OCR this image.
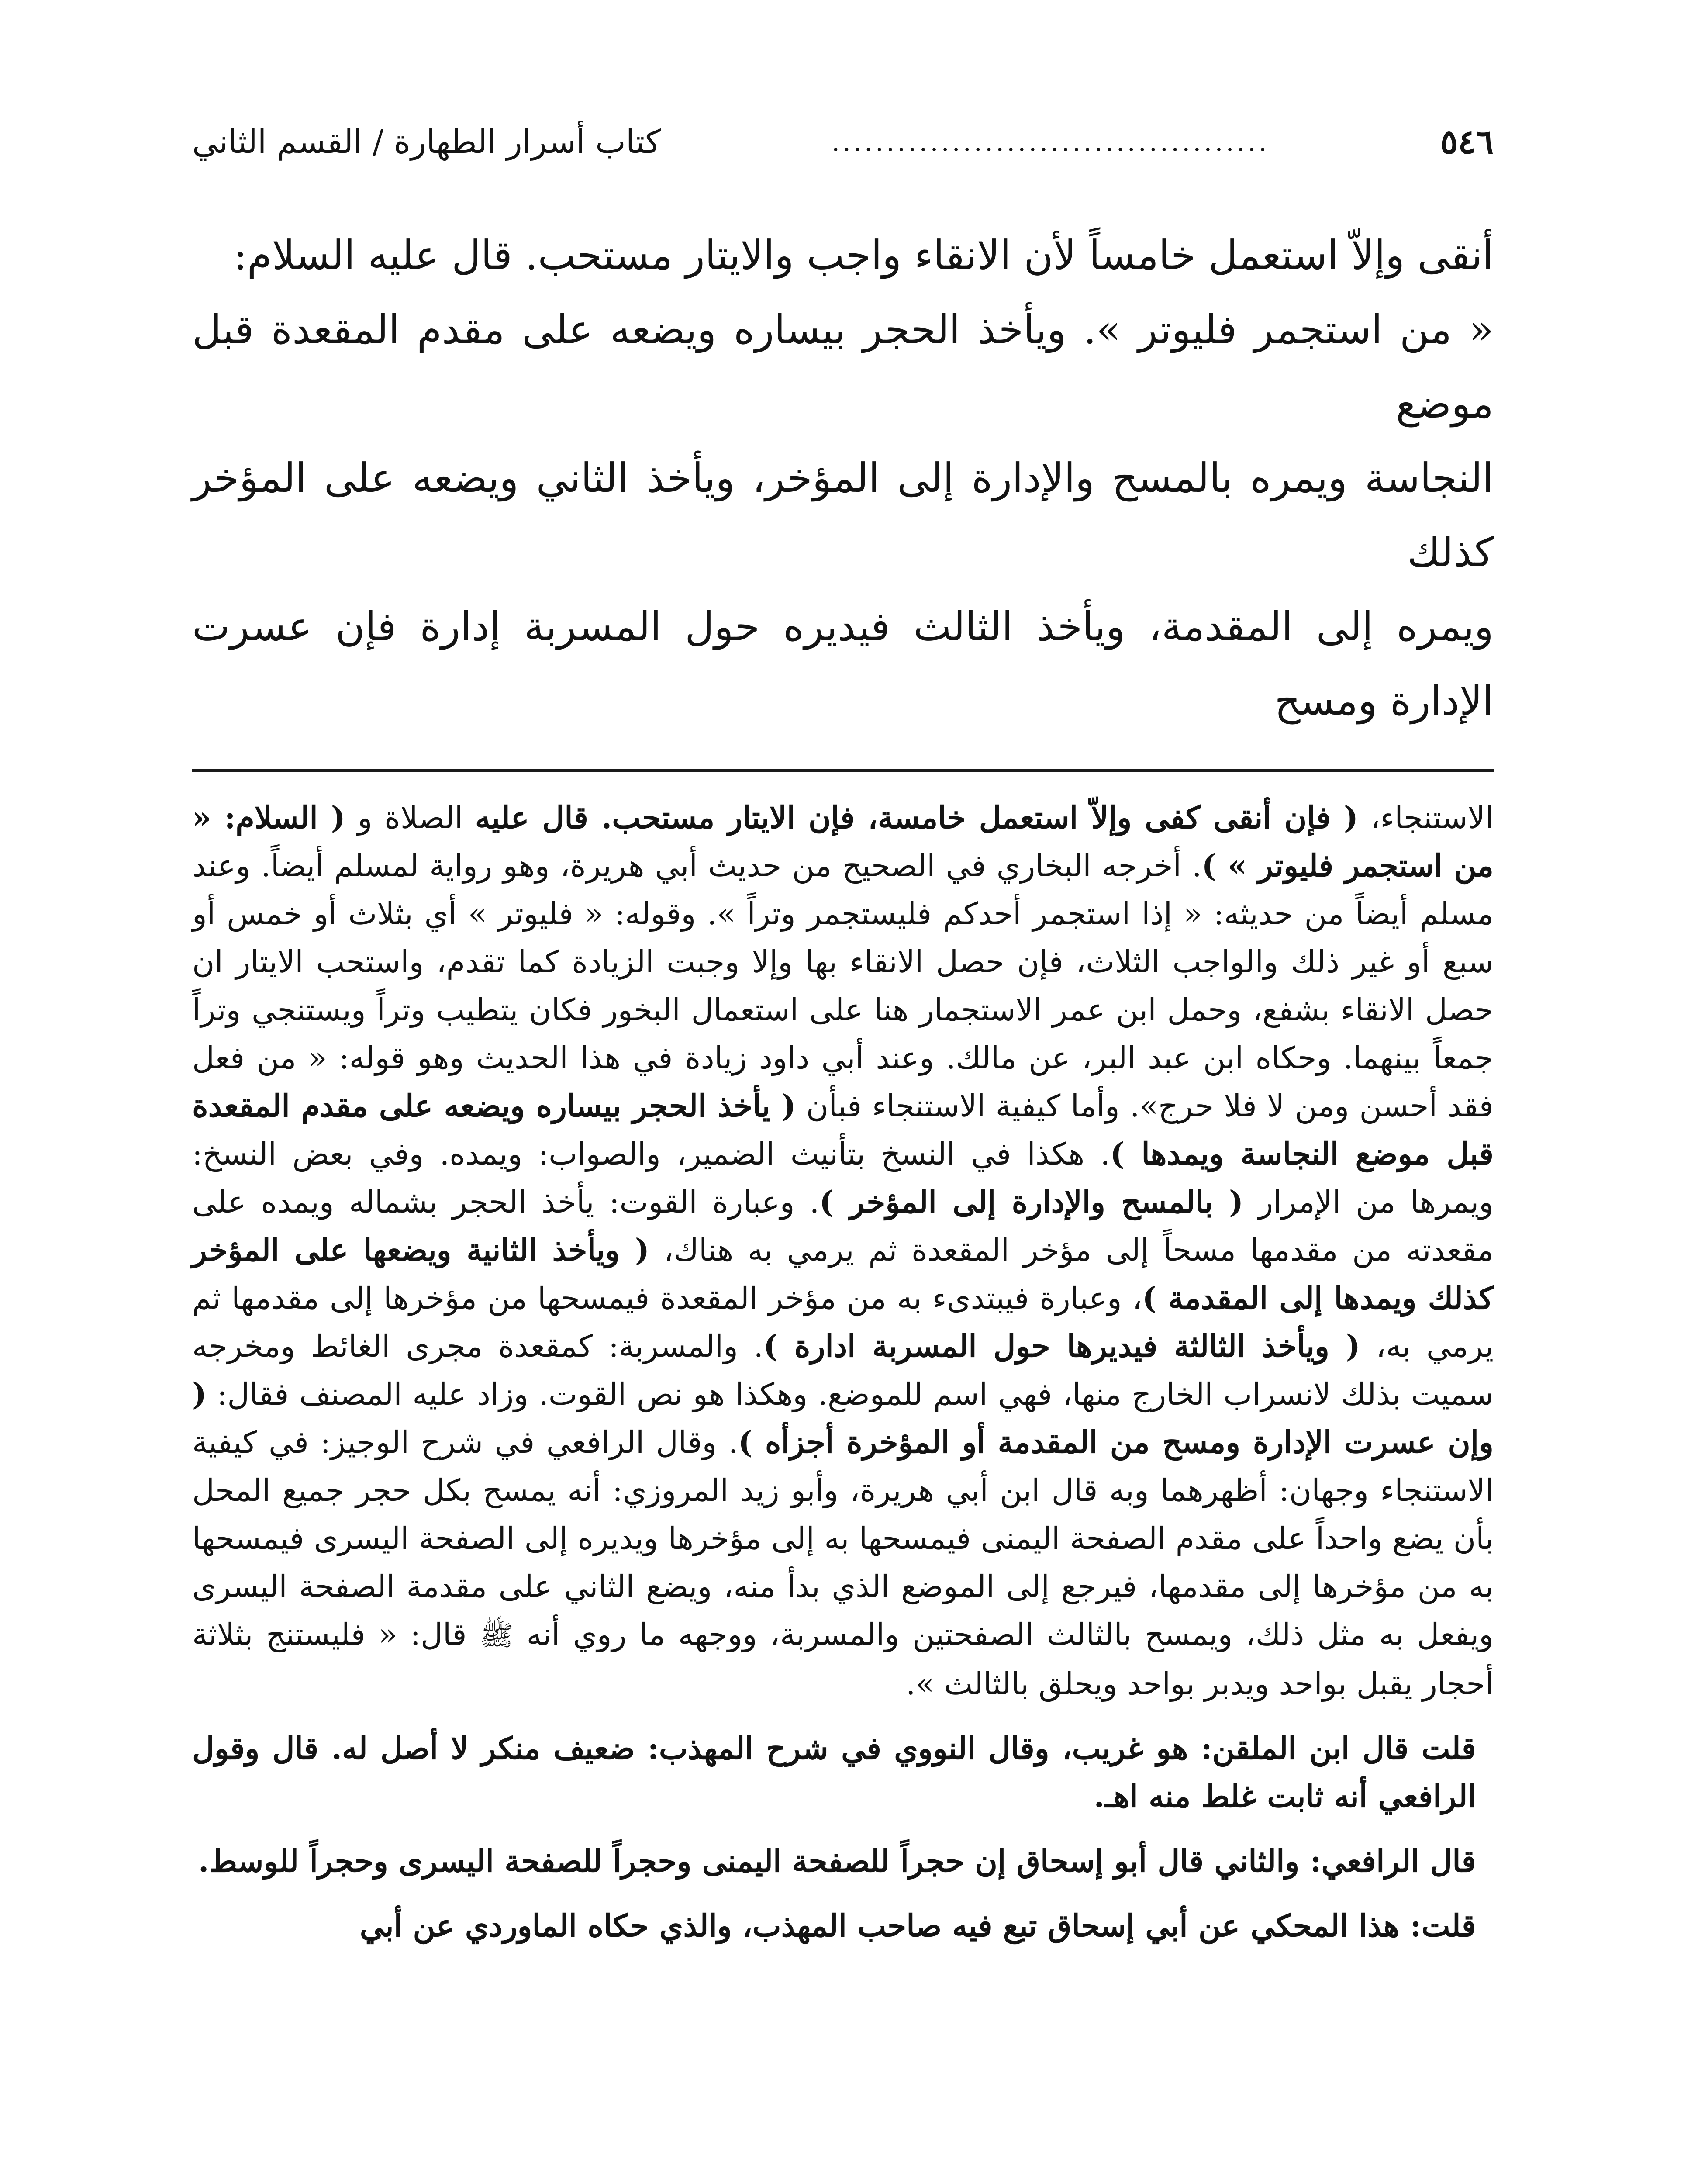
٥٤٦
........................................
كتاب أسرار الطهارة / القسم الثاني

أنقى وإلاّ استعمل خامساً لأن الانقاء واجب والايتار مستحب. قال عليه السلام:

« من استجمر فليوتر ». ويأخذ الحجر بيساره ويضعه على مقدم المقعدة قبل موضع

النجاسة ويمره بالمسح والإدارة إلى المؤخر، ويأخذ الثاني ويضعه على المؤخر كذلك

ويمره إلى المقدمة، ويأخذ الثالث فيديره حول المسربة إدارة فإن عسرت الإدارة ومسح

الاستنجاء، ( فإن أنقى كفى وإلاّ استعمل خامسة، فإن الايتار مستحب. قال عليه الصلاة و ( السلام: « من استجمر فليوتر » ). أخرجه البخاري في الصحيح من حديث أبي هريرة، وهو رواية لمسلم أيضاً. وعند مسلم أيضاً من حديثه: « إذا استجمر أحدكم فليستجمر وتراً ». وقوله: « فليوتر » أي بثلاث أو خمس أو سبع أو غير ذلك والواجب الثلاث، فإن حصل الانقاء بها وإلا وجبت الزيادة كما تقدم، واستحب الايتار ان حصل الانقاء بشفع، وحمل ابن عمر الاستجمار هنا على استعمال البخور فكان يتطيب وتراً ويستنجي وتراً جمعاً بينهما. وحكاه ابن عبد البر، عن مالك. وعند أبي داود زيادة في هذا الحديث وهو قوله: « من فعل فقد أحسن ومن لا فلا حرج». وأما كيفية الاستنجاء فبأن ( يأخذ الحجر بيساره ويضعه على مقدم المقعدة قبل موضع النجاسة ويمدها ). هكذا في النسخ بتأنيث الضمير، والصواب: ويمده. وفي بعض النسخ: ويمرها من الإمرار ( بالمسح والإدارة إلى المؤخر ). وعبارة القوت: يأخذ الحجر بشماله ويمده على مقعدته من مقدمها مسحاً إلى مؤخر المقعدة ثم يرمي به هناك، ( ويأخذ الثانية ويضعها على المؤخر كذلك ويمدها إلى المقدمة )، وعبارة فيبتدىء به من مؤخر المقعدة فيمسحها من مؤخرها إلى مقدمها ثم يرمي به، ( ويأخذ الثالثة فيديرها حول المسربة ادارة ). والمسربة: كمقعدة مجرى الغائط ومخرجه سميت بذلك لانسراب الخارج منها، فهي اسم للموضع. وهكذا هو نص القوت. وزاد عليه المصنف فقال: ( وإن عسرت الإدارة ومسح من المقدمة أو المؤخرة أجزأه ). وقال الرافعي في شرح الوجيز: في كيفية الاستنجاء وجهان: أظهرهما وبه قال ابن أبي هريرة، وأبو زيد المروزي: أنه يمسح بكل حجر جميع المحل بأن يضع واحداً على مقدم الصفحة اليمنى فيمسحها به إلى مؤخرها ويديره إلى الصفحة اليسرى فيمسحها به من مؤخرها إلى مقدمها، فيرجع إلى الموضع الذي بدأ منه، ويضع الثاني على مقدمة الصفحة اليسرى ويفعل به مثل ذلك، ويمسح بالثالث الصفحتين والمسربة، ووجهه ما روي أنه ﷺ قال: « فليستنج بثلاثة أحجار يقبل بواحد ويدبر بواحد ويحلق بالثالث ».

قلت قال ابن الملقن: هو غريب، وقال النووي في شرح المهذب: ضعيف منكر لا أصل له. قال وقول الرافعي أنه ثابت غلط منه اهـ.

قال الرافعي: والثاني قال أبو إسحاق إن حجراً للصفحة اليمنى وحجراً للصفحة اليسرى وحجراً للوسط.

قلت: هذا المحكي عن أبي إسحاق تبع فيه صاحب المهذب، والذي حكاه الماوردي عن أبي
